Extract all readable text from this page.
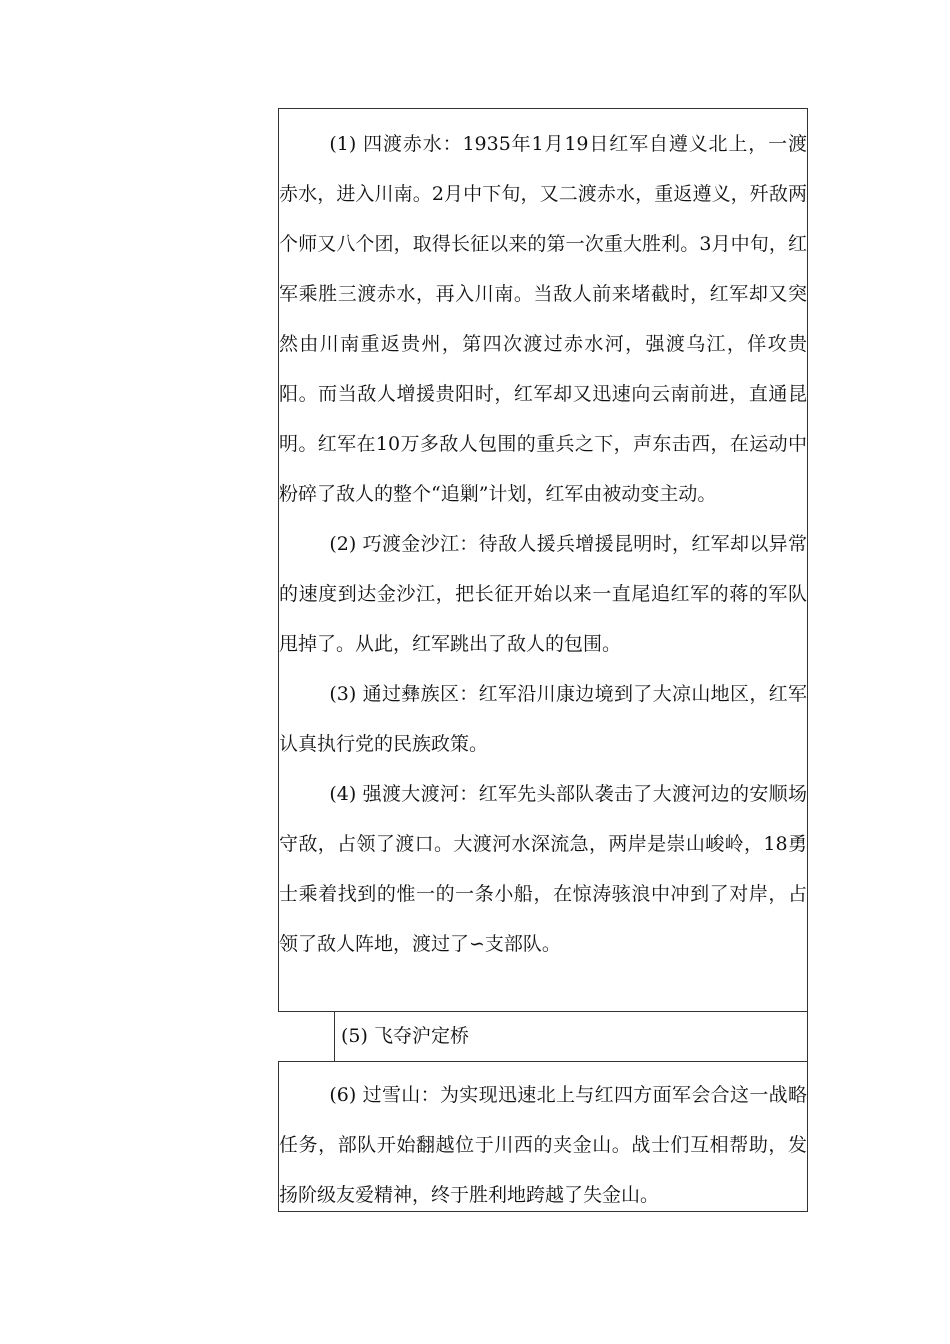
(1) 四渡赤水：1935年1月19日红军自遵义北上，一渡赤水，进入川南。2月中下旬，又二渡赤水，重返遵义，歼敌两个师又八个团，取得长征以来的第一次重大胜利。3月中旬，红军乘胜三渡赤水，再入川南。当敌人前来堵截时，红军却又突然由川南重返贵州，第四次渡过赤水河，强渡乌江，佯攻贵阳。而当敌人增援贵阳时，红军却又迅速向云南前进，直通昆明。红军在10万多敌人包围的重兵之下，声东击西，在运动中粉碎了敌人的整个“追剿”计划，红军由被动变主动。

(2) 巧渡金沙江：待敌人援兵增援昆明时，红军却以异常的速度到达金沙江，把长征开始以来一直尾追红军的蒋的军队甩掉了。从此，红军跳出了敌人的包围。

(3) 通过彝族区：红军沿川康边境到了大凉山地区，红军认真执行党的民族政策。

(4) 强渡大渡河：红军先头部队袭击了大渡河边的安顺场守敌，占领了渡口。大渡河水深流急，两岸是崇山峻岭，18勇士乘着找到的惟一的一条小船，在惊涛骇浪中冲到了对岸，占领了敌人阵地，渡过了∽支部队。

(5) 飞夺沪定桥

(6) 过雪山：为实现迅速北上与红四方面军会合这一战略任务，部队开始翻越位于川西的夹金山。战士们互相帮助，发扬阶级友爱精神，终于胜利地跨越了失金山。
